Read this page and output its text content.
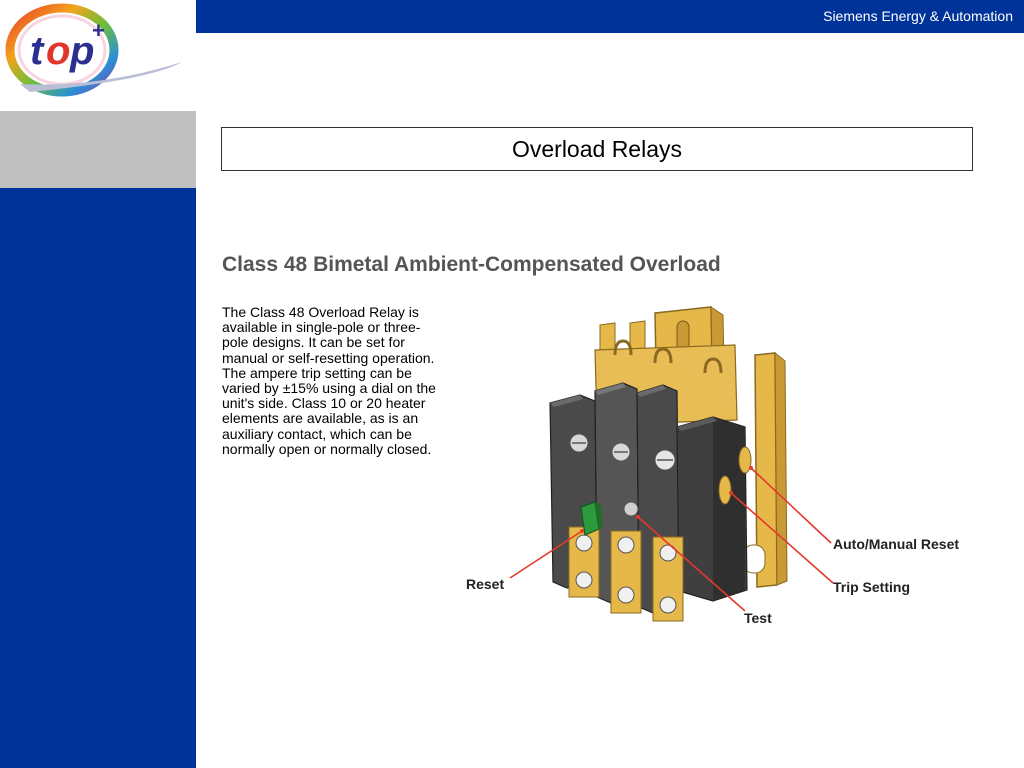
t o p
+
Siemens Energy & Automation
Overload Relays
Class 48 Bimetal Ambient-Compensated Overload
The Class 48 Overload Relay is available in single-pole or three-pole designs. It can be set for manual or self-resetting operation. The ampere trip setting can be varied by ±15% using a dial on the unit's side. Class 10 or 20 heater elements are available, as is an auxiliary contact, which can be normally open or normally closed.
Reset
Test
Auto/Manual Reset
Trip Setting
